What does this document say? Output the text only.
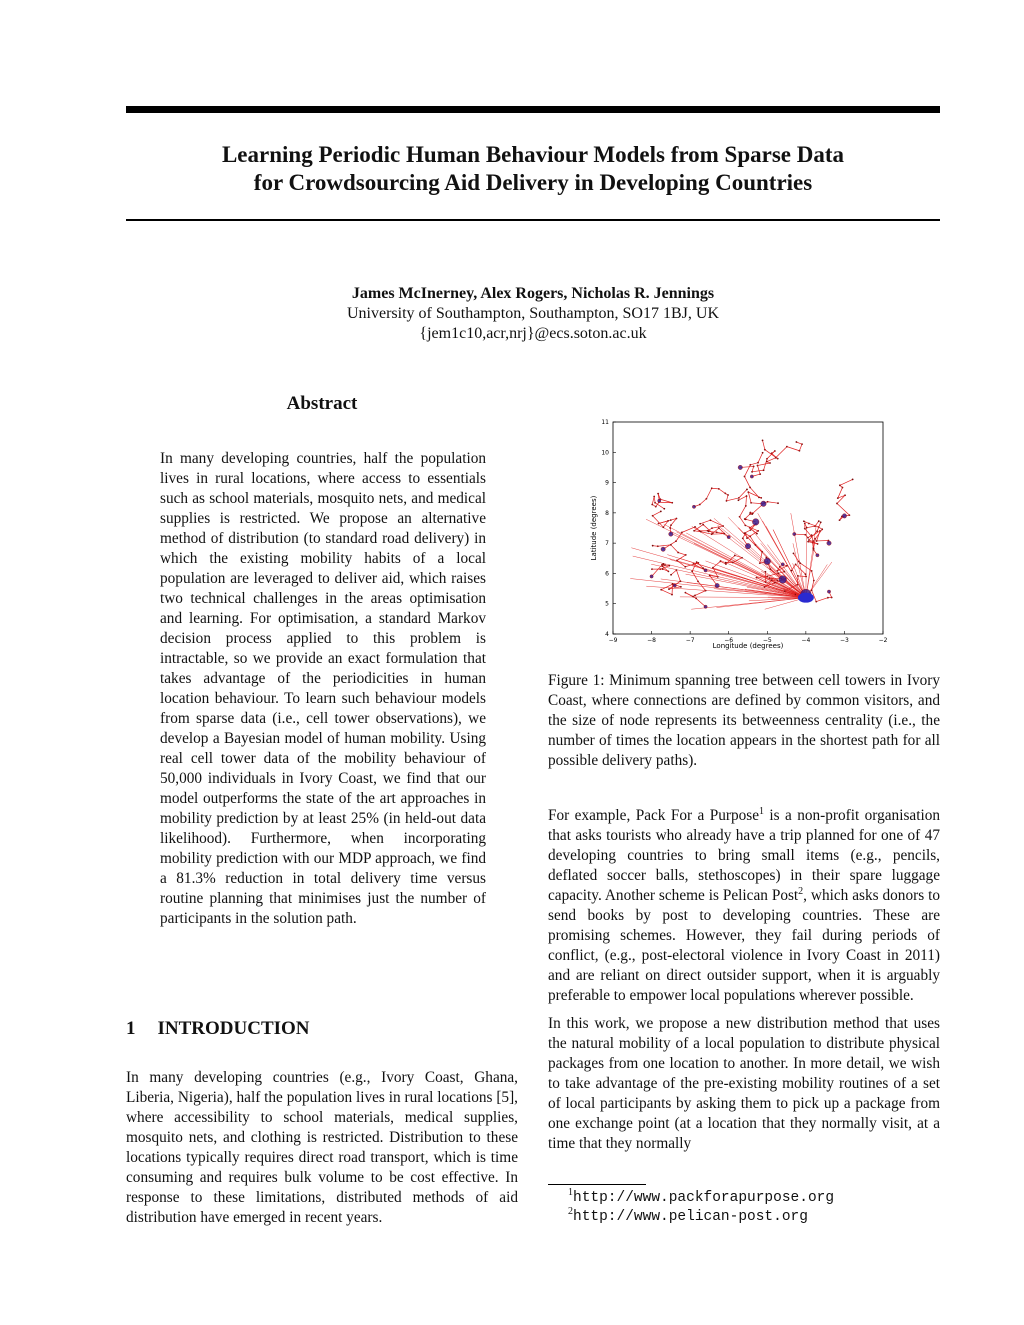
Learning Periodic Human Behaviour Models from Sparse Data
for Crowdsourcing Aid Delivery in Developing Countries
James McInerney, Alex Rogers, Nicholas R. Jennings
University of Southampton, Southampton, SO17 1BJ, UK
{jem1c10,acr,nrj}@ecs.soton.ac.uk
Abstract
In many developing countries, half the population lives in rural locations, where access to essentials such as school materials, mosquito nets, and medical supplies is restricted. We propose an alternative method of distribution (to standard road delivery) in which the existing mobility habits of a local population are leveraged to deliver aid, which raises two technical challenges in the areas optimisation and learning. For optimisation, a standard Markov decision process applied to this problem is intractable, so we provide an exact formulation that takes advantage of the periodicities in human location behaviour. To learn such behaviour models from sparse data (i.e., cell tower observations), we develop a Bayesian model of human mobility. Using real cell tower data of the mobility behaviour of 50,000 individuals in Ivory Coast, we find that our model outperforms the state of the art approaches in mobility prediction by at least 25% (in held-out data likelihood). Furthermore, when incorporating mobility prediction with our MDP approach, we find a 81.3% reduction in total delivery time versus routine planning that minimises just the number of participants in the solution path.
1 INTRODUCTION
In many developing countries (e.g., Ivory Coast, Ghana, Liberia, Nigeria), half the population lives in rural locations [5], where accessibility to school materials, medical supplies, mosquito nets, and clothing is restricted. Distribution to these locations typically requires direct road transport, which is time consuming and requires bulk volume to be cost effective. In response to these limitations, distributed methods of aid distribution have emerged in recent years.
−9	−8	−7	−6	−5	−4	−3	−2
4
5
6
7
8
9
10
11
Longitude (degrees)
Latitude (degrees)
Figure 1: Minimum spanning tree between cell towers in Ivory Coast, where connections are defined by common visitors, and the size of node represents its betweenness centrality (i.e., the number of times the location appears in the shortest path for all possible delivery paths).

For example, Pack For a Purpose$^1$ is a non-profit organisation that asks tourists who already have a trip planned for one of 47 developing countries to bring small items (e.g., pencils, deflated soccer balls, stethoscopes) in their spare luggage capacity. Another scheme is Pelican Post$^2$, which asks donors to send books by post to developing countries. These are promising schemes. However, they fail during periods of conflict, (e.g., post-electoral violence in Ivory Coast in 2011) and are reliant on direct outsider support, when it is arguably preferable to empower local populations wherever possible.

In this work, we propose a new distribution method that uses the natural mobility of a local population to distribute physical packages from one location to another. In more detail, we wish to take advantage of the pre-existing mobility routines of a set of local participants by asking them to pick up a package from one exchange point (at a location that they normally visit, at a time that they normally

$^1$http://www.packforapurpose.org
$^2$http://www.pelican-post.org
